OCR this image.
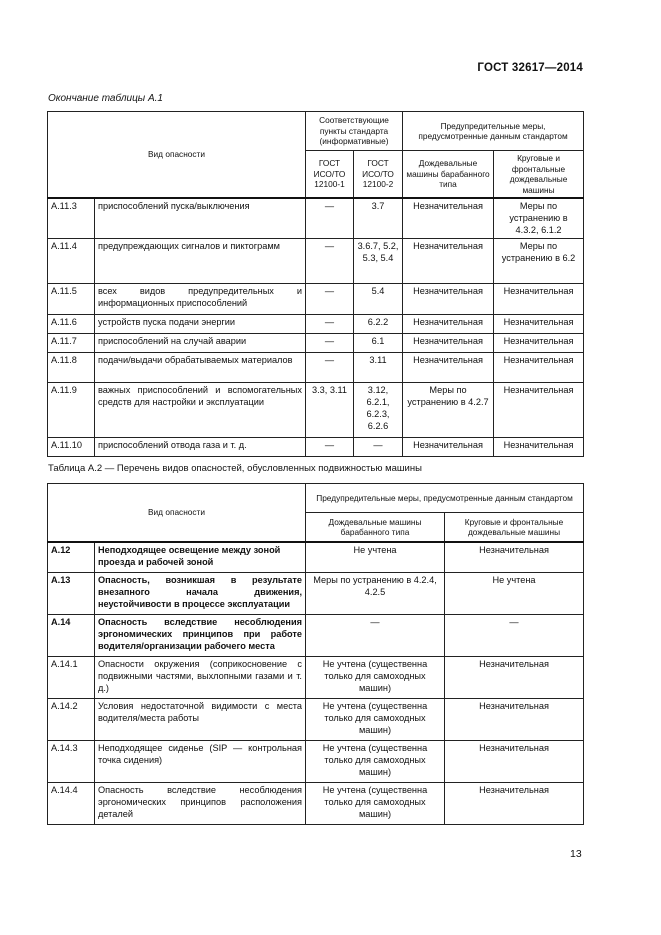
ГОСТ 32617—2014
Окончание таблицы А.1
Вид опасности		Соответствующие пункты стандарта (информативные)		Предупредительные меры, предусмотренные данным стандартом	
		ГОСТ ИСО/ТО 12100-1	ГОСТ ИСО/ТО 12100-2	Дождевальные машины барабанного типа	Круговые и фронтальные дождевальные машины
А.11.3	приспособлений пуска/выключения	—	3.7	Незначительная	Меры по устранению в 4.3.2, 6.1.2
А.11.4	предупреждающих сигналов и пиктограмм	—	3.6.7, 5.2, 5.3, 5.4	Незначительная	Меры по устранению в 6.2
А.11.5	всех видов предупредительных и информационных приспособлений	—	5.4	Незначительная	Незначительная
А.11.6	устройств пуска подачи энергии	—	6.2.2	Незначительная	Незначительная
А.11.7	приспособлений на случай аварии	—	6.1	Незначительная	Незначительная
А.11.8	подачи/выдачи обрабатываемых материалов	—	3.11	Незначительная	Незначительная
А.11.9	важных приспособлений и вспомогательных средств для настройки и эксплуатации	3.3, 3.11	3.12, 6.2.1, 6.2.3, 6.2.6	Меры по устранению в 4.2.7	Незначительная
А.11.10	приспособлений отвода газа и т. д.	—	—	Незначительная	Незначительная
Таблица А.2 — Перечень видов опасностей, обусловленных подвижностью машины
Вид опасности		Предупредительные меры, предусмотренные данным стандартом	
		Дождевальные машины барабанного типа	Круговые и фронтальные дождевальные машины
А.12	Неподходящее освещение между зоной проезда и рабочей зоной	Не учтена	Незначительная
А.13	Опасность, возникшая в результате внезапного начала движения, неустойчивости в процессе эксплуатации	Меры по устранению в 4.2.4, 4.2.5	Не учтена
А.14	Опасность вследствие несоблюдения эргономических принципов при работе водителя/организации рабочего места	—	—
А.14.1	Опасности окружения (соприкосновение с подвижными частями, выхлопными газами и т. д.)	Не учтена (существенна только для самоходных машин)	Незначительная
А.14.2	Условия недостаточной видимости с места водителя/места работы	Не учтена (существенна только для самоходных машин)	Незначительная
А.14.3	Неподходящее сиденье (SIP — контрольная точка сидения)	Не учтена (существенна только для самоходных машин)	Незначительная
А.14.4	Опасность вследствие несоблюдения эргономических принципов расположения деталей	Не учтена (существенна только для самоходных машин)	Незначительная
13
